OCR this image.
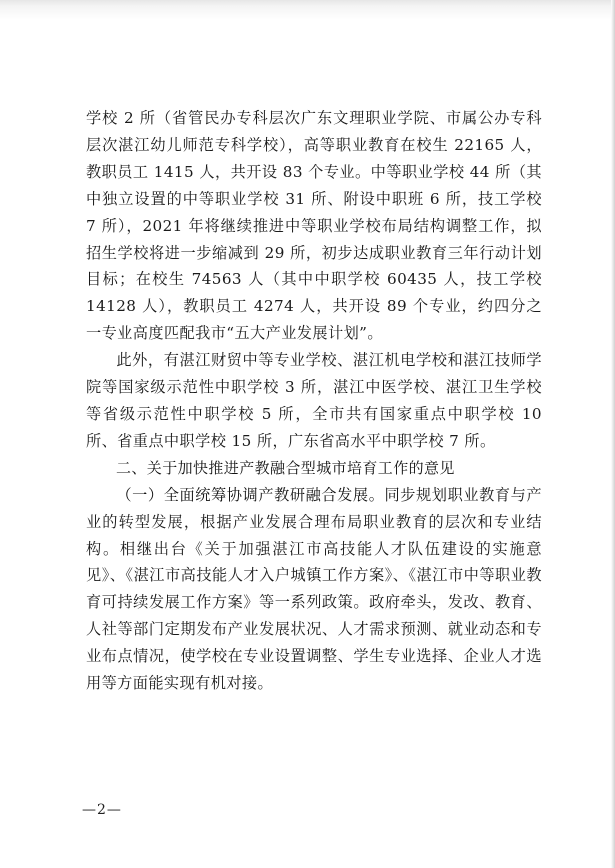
学校 2 所（省管民办专科层次广东文理职业学院、市属公办专科层次湛江幼儿师范专科学校），高等职业教育在校生 22165 人，教职员工 1415 人，共开设 83 个专业。中等职业学校 44 所（其中独立设置的中等职业学校 31 所、附设中职班 6 所，技工学校 7 所），2021 年将继续推进中等职业学校布局结构调整工作，拟招生学校将进一步缩减到 29 所，初步达成职业教育三年行动计划目标；在校生 74563 人（其中中职学校 60435 人，技工学校 14128 人），教职员工 4274 人，共开设 89 个专业，约四分之一专业高度匹配我市“五大产业发展计划”。

此外，有湛江财贸中等专业学校、湛江机电学校和湛江技师学院等国家级示范性中职学校 3 所，湛江中医学校、湛江卫生学校等省级示范性中职学校 5 所，全市共有国家重点中职学校 10 所、省重点中职学校 15 所，广东省高水平中职学校 7 所。

二、关于加快推进产教融合型城市培育工作的意见

（一）全面统筹协调产教研融合发展。同步规划职业教育与产业的转型发展，根据产业发展合理布局职业教育的层次和专业结构。相继出台《关于加强湛江市高技能人才队伍建设的实施意见》、《湛江市高技能人才入户城镇工作方案》、《湛江市中等职业教育可持续发展工作方案》等一系列政策。政府牵头，发改、教育、人社等部门定期发布产业发展状况、人才需求预测、就业动态和专业布点情况，使学校在专业设置调整、学生专业选择、企业人才选用等方面能实现有机对接。

—2—
